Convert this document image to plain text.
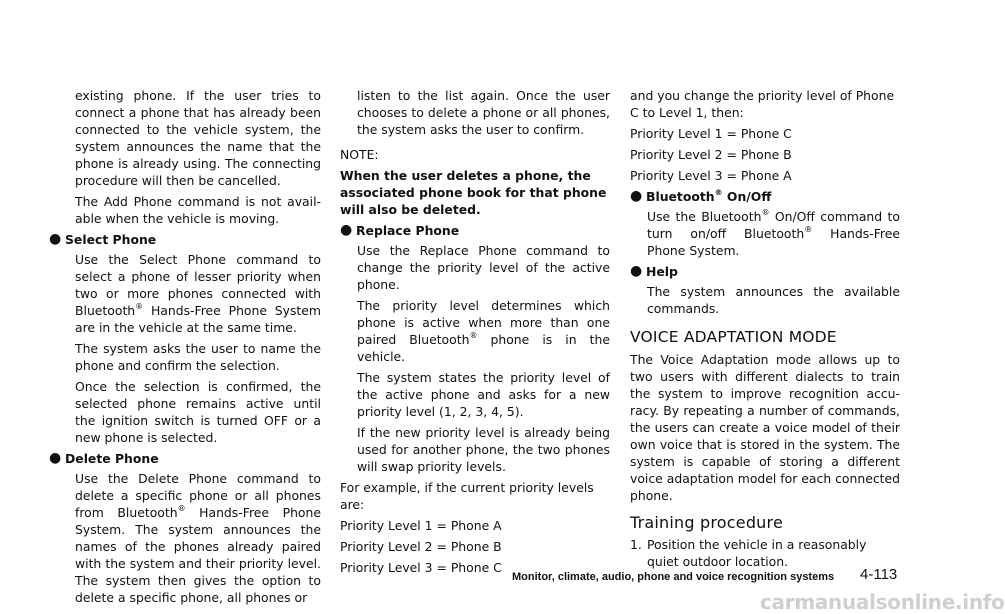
existing phone. If the user tries to connect a phone that has already been connected to the vehicle system, the system announces the name that the phone is already using. The connecting procedure will then be cancelled.

The Add Phone command is not avail-able when the vehicle is moving.

● Select Phone

Use the Select Phone command to select a phone of lesser priority when two or more phones connected with Bluetooth® Hands-Free Phone System are in the vehicle at the same time.

The system asks the user to name the phone and confirm the selection.

Once the selection is confirmed, the selected phone remains active until the ignition switch is turned OFF or a new phone is selected.

● Delete Phone

Use the Delete Phone command to delete a specific phone or all phones from Bluetooth® Hands-Free Phone System. The system announces the names of the phones already paired with the system and their priority level. The system then gives the option to delete a specific phone, all phones or

listen to the list again. Once the user chooses to delete a phone or all phones, the system asks the user to confirm.

NOTE:

When the user deletes a phone, the associated phone book for that phone will also be deleted.

● Replace Phone

Use the Replace Phone command to change the priority level of the active phone.

The priority level determines which phone is active when more than one paired Bluetooth® phone is in the vehicle.

The system states the priority level of the active phone and asks for a new priority level (1, 2, 3, 4, 5).

If the new priority level is already being used for another phone, the two phones will swap priority levels.

For example, if the current priority levels are:

Priority Level 1 = Phone A

Priority Level 2 = Phone B

Priority Level 3 = Phone C

and you change the priority level of Phone C to Level 1, then:

Priority Level 1 = Phone C

Priority Level 2 = Phone B

Priority Level 3 = Phone A

● Bluetooth® On/Off

Use the Bluetooth® On/Off command to turn on/off Bluetooth® Hands-Free Phone System.

● Help

The system announces the available commands.

VOICE ADAPTATION MODE

The Voice Adaptation mode allows up to two users with different dialects to train the system to improve recognition accu-racy. By repeating a number of commands, the users can create a voice model of their own voice that is stored in the system. The system is capable of storing a different voice adaptation model for each connected phone.

Training procedure
1. Position the vehicle in a reasonably quiet outdoor location.
Monitor, climate, audio, phone and voice recognition systems 4-113
carmanualsonline.info
